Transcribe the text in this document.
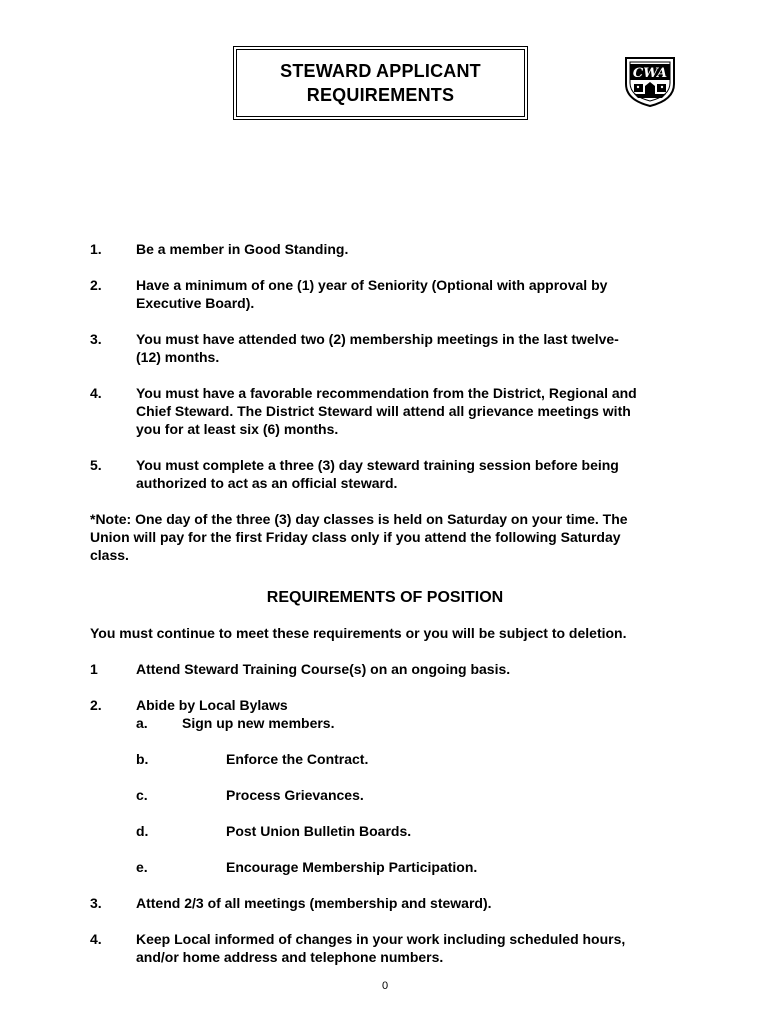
STEWARD APPLICANT
REQUIREMENTS
CWA
1. Be a member in Good Standing.
2. Have a minimum of one (1) year of Seniority (Optional with approval by
Executive Board).
3. You must have attended two (2) membership meetings in the last twelve-
(12) months.
4. You must have a favorable recommendation from the District, Regional and
Chief Steward. The District Steward will attend all grievance meetings with
you for at least six (6) months.
5. You must complete a three (3) day steward training session before being
authorized to act as an official steward.
*Note: One day of the three (3) day classes is held on Saturday on your time. The
Union will pay for the first Friday class only if you attend the following Saturday
class.
REQUIREMENTS OF POSITION
You must continue to meet these requirements or you will be subject to deletion.
1	Attend Steward Training Course(s) on an ongoing basis.
2. Abide by Local Bylaws
a. Sign up new members.
b.	Enforce the Contract.
c.	Process Grievances.
d.	Post Union Bulletin Boards.
e.	Encourage Membership Participation.
3. Attend 2/3 of all meetings (membership and steward).
4. Keep Local informed of changes in your work including scheduled hours,
and/or home address and telephone numbers.
0
